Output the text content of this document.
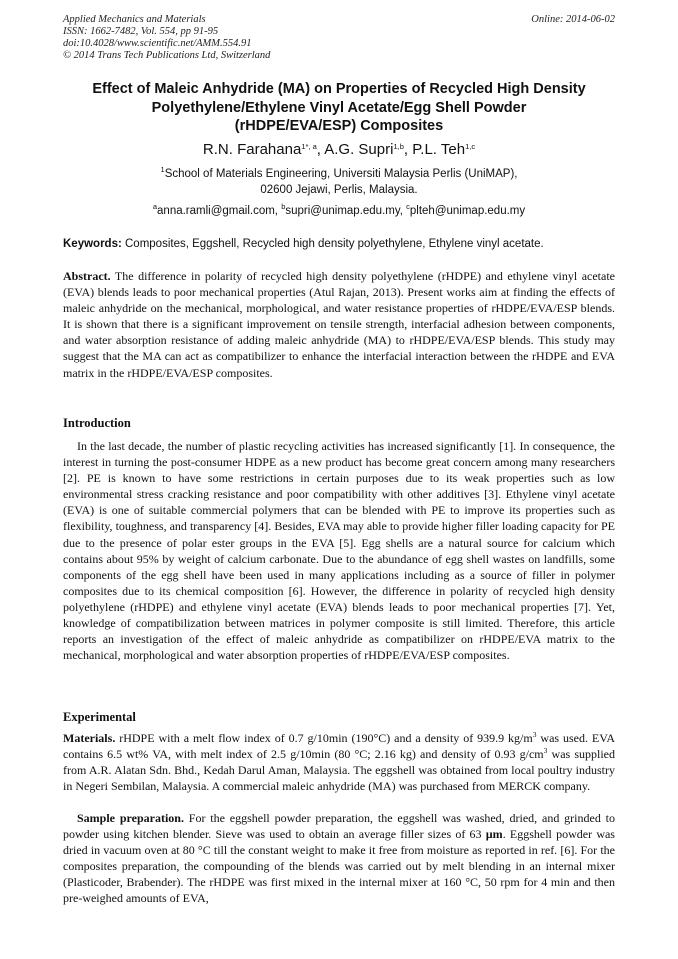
Applied Mechanics and Materials
ISSN: 1662-7482, Vol. 554, pp 91-95
doi:10.4028/www.scientific.net/AMM.554.91
© 2014 Trans Tech Publications Ltd, Switzerland
Online: 2014-06-02
Effect of Maleic Anhydride (MA) on Properties of Recycled High Density
Polyethylene/Ethylene Vinyl Acetate/Egg Shell Powder
(rHDPE/EVA/ESP) Composites
R.N. Farahana$^{1*, a}$, A.G. Supri$^{1,b}$, P.L. Teh$^{1,c}$
$^1$School of Materials Engineering, Universiti Malaysia Perlis (UniMAP),
02600 Jejawi, Perlis, Malaysia.
$^a$anna.ramli@gmail.com, $^b$supri@unimap.edu.my, $^c$plteh@unimap.edu.my
Keywords: Composites, Eggshell, Recycled high density polyethylene, Ethylene vinyl acetate.

Abstract. The difference in polarity of recycled high density polyethylene (rHDPE) and ethylene vinyl acetate (EVA) blends leads to poor mechanical properties (Atul Rajan, 2013). Present works aim at finding the effects of maleic anhydride on the mechanical, morphological, and water resistance properties of rHDPE/EVA/ESP blends. It is shown that there is a significant improvement on tensile strength, interfacial adhesion between components, and water absorption resistance of adding maleic anhydride (MA) to rHDPE/EVA/ESP blends. This study may suggest that the MA can act as compatibilizer to enhance the interfacial interaction between the rHDPE and EVA matrix in the rHDPE/EVA/ESP composites.

Introduction

In the last decade, the number of plastic recycling activities has increased significantly [1]. In consequence, the interest in turning the post-consumer HDPE as a new product has become great concern among many researchers [2]. PE is known to have some restrictions in certain purposes due to its weak properties such as low environmental stress cracking resistance and poor compatibility with other additives [3]. Ethylene vinyl acetate (EVA) is one of suitable commercial polymers that can be blended with PE to improve its properties such as flexibility, toughness, and transparency [4]. Besides, EVA may able to provide higher filler loading capacity for PE due to the presence of polar ester groups in the EVA [5]. Egg shells are a natural source for calcium which contains about 95% by weight of calcium carbonate. Due to the abundance of egg shell wastes on landfills, some components of the egg shell have been used in many applications including as a source of filler in polymer composites due to its chemical composition [6]. However, the difference in polarity of recycled high density polyethylene (rHDPE) and ethylene vinyl acetate (EVA) blends leads to poor mechanical properties [7]. Yet, knowledge of compatibilization between matrices in polymer composite is still limited. Therefore, this article reports an investigation of the effect of maleic anhydride as compatibilizer on rHDPE/EVA matrix to the mechanical, morphological and water absorption properties of rHDPE/EVA/ESP composites.

Experimental

Materials. rHDPE with a melt flow index of 0.7 g/10min (190°C) and a density of 939.9 $kg/m^3$ was used. EVA contains 6.5 wt% VA, with melt index of 2.5 g/10min (80 °C; 2.16 kg) and density of 0.93 $g/cm^3$ was supplied from A.R. Alatan Sdn. Bhd., Kedah Darul Aman, Malaysia. The eggshell was obtained from local poultry industry in Negeri Sembilan, Malaysia. A commercial maleic anhydride (MA) was purchased from MERCK company.

Sample preparation. For the eggshell powder preparation, the eggshell was washed, dried, and grinded to powder using kitchen blender. Sieve was used to obtain an average filler sizes of 63 µm. Eggshell powder was dried in vacuum oven at 80 °C till the constant weight to make it free from moisture as reported in ref. [6]. For the composites preparation, the compounding of the blends was carried out by melt blending in an internal mixer (Plasticoder, Brabender). The rHDPE was first mixed in the internal mixer at 160 °C, 50 rpm for 4 min and then pre-weighed amounts of EVA,
